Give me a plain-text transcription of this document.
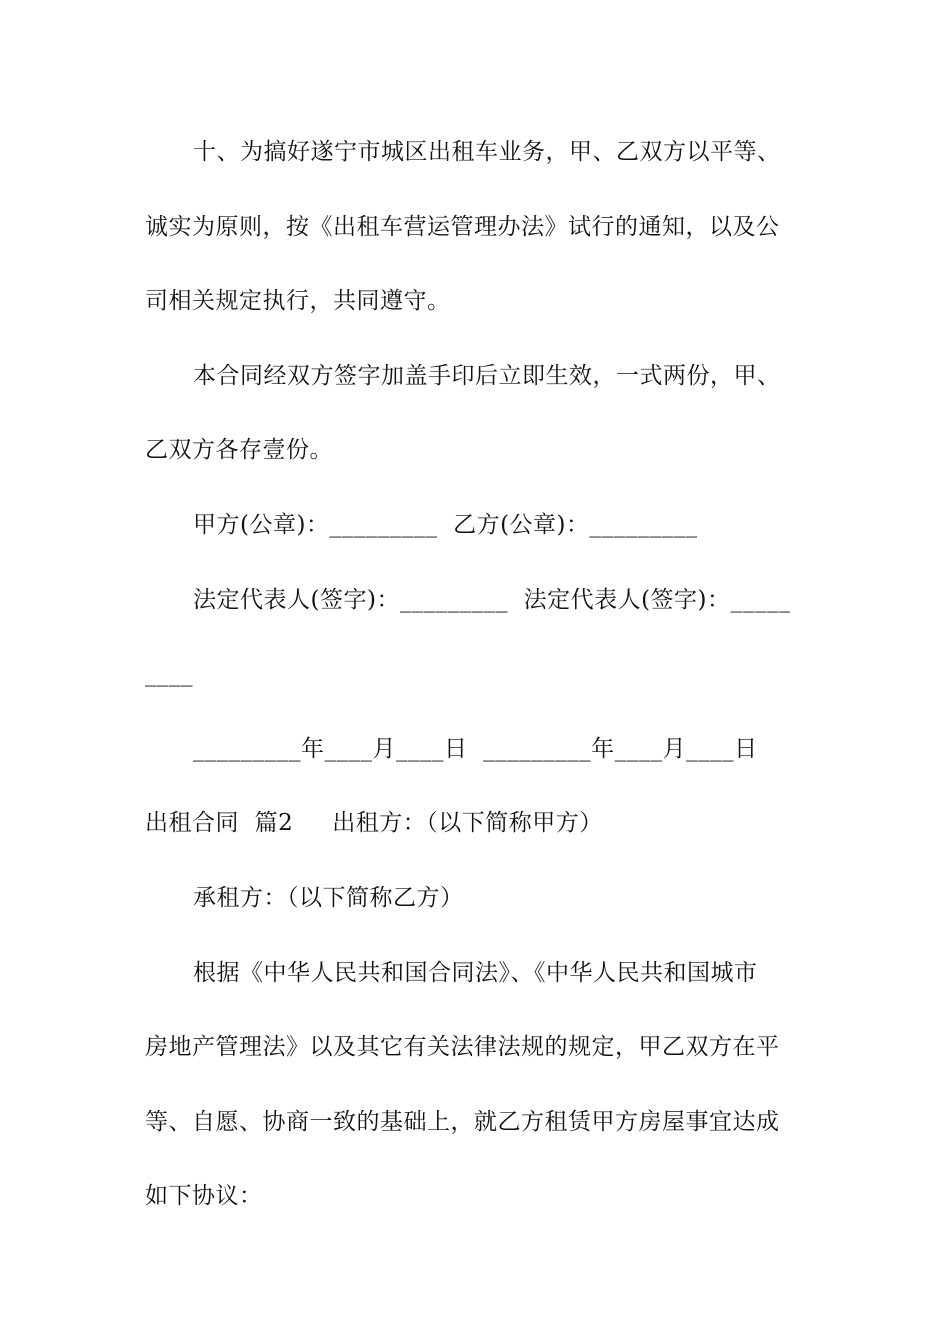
十、为搞好遂宁市城区出租车业务，甲、乙双方以平等、
诚实为原则，按《出租车营运管理办法》试行的通知，以及公
司相关规定执行，共同遵守。
本合同经双方签字加盖手印后立即生效，一式两份，甲、
乙双方各存壹份。
甲方(公章)：_________  乙方(公章)：_________
法定代表人(签字)：_________  法定代表人(签字)：_____
____
_________年____月____日  _________年____月____日
出租合同  篇2     出租方：（以下简称甲方）
承租方：（以下简称乙方）
根据《中华人民共和国合同法》、《中华人民共和国城市
房地产管理法》以及其它有关法律法规的规定，甲乙双方在平
等、自愿、协商一致的基础上，就乙方租赁甲方房屋事宜达成
如下协议：
